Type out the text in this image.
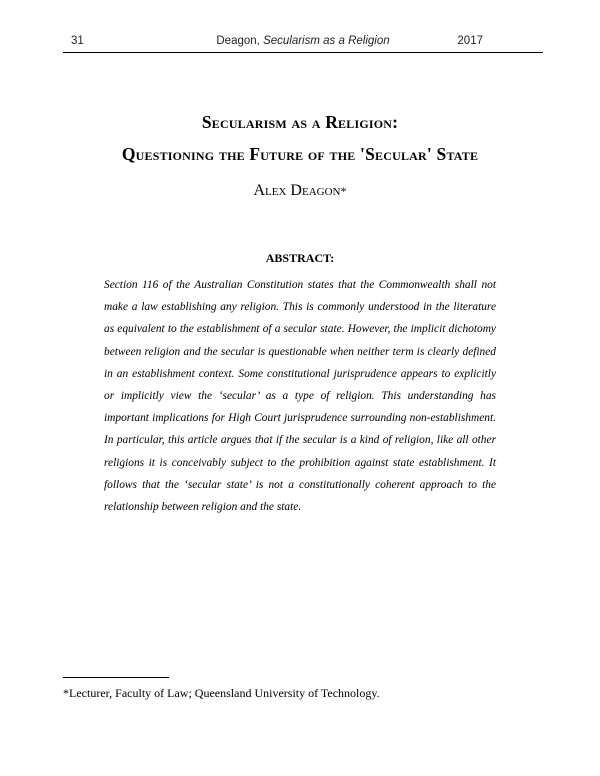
31	Deagon, Secularism as a Religion	2017
Secularism as a Religion:
Questioning the Future of the 'Secular' State
Alex Deagon*
ABSTRACT:
Section 116 of the Australian Constitution states that the Commonwealth shall not make a law establishing any religion. This is commonly understood in the literature as equivalent to the establishment of a secular state. However, the implicit dichotomy between religion and the secular is questionable when neither term is clearly defined in an establishment context. Some constitutional jurisprudence appears to explicitly or implicitly view the ‘secular’ as a type of religion. This understanding has important implications for High Court jurisprudence surrounding non-establishment. In particular, this article argues that if the secular is a kind of religion, like all other religions it is conceivably subject to the prohibition against state establishment. It follows that the ‘secular state’ is not a constitutionally coherent approach to the relationship between religion and the state.
*Lecturer, Faculty of Law; Queensland University of Technology.
